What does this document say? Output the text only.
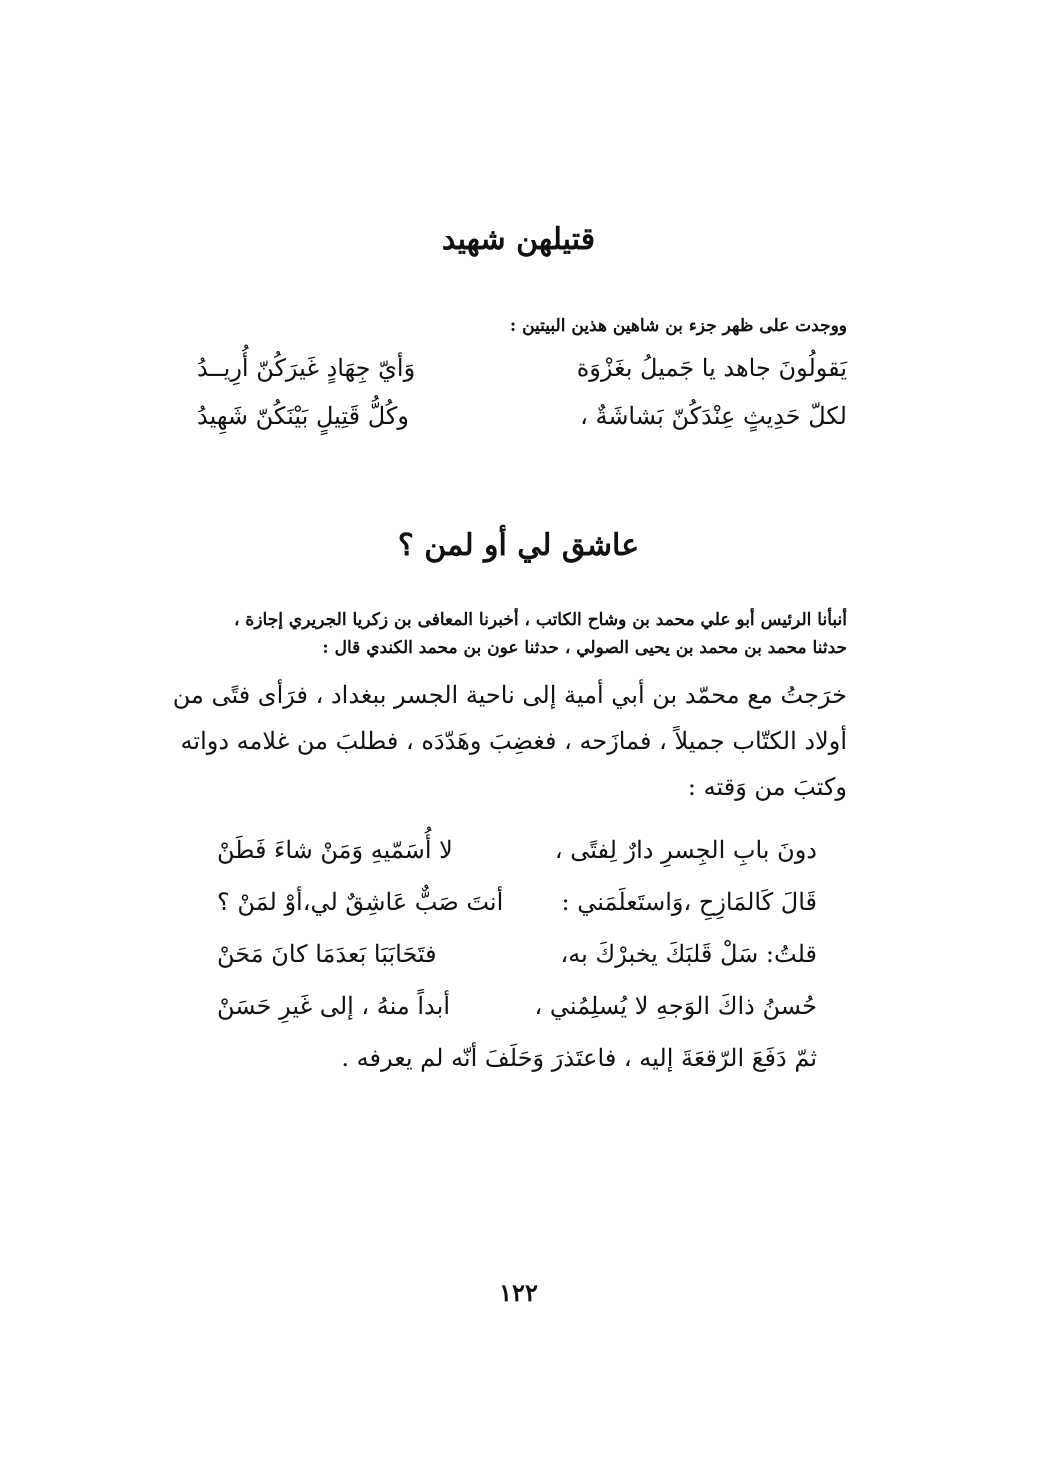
قتيلهن شهيد
ووجدت على ظهر جزء بن شاهين هذين البيتين :
يَقولُونَ جاهد يا جَميلُ بغَزْوَة
وَأيّ جِهَادٍ غَيرَكُنّ أُرِيــدُ
لكلّ حَدِيثٍ عِنْدَكُنّ بَشاشَةٌ ،
وكُلُّ قَتِيلٍ بَيْنَكُنّ شَهِيدُ
عاشق لي أو لمن ؟
أنبأنا الرئيس أبو علي محمد بن وشاح الكاتب ، أخبرنا المعافى بن زكريا الجريري إجازة ،
حدثنا محمد بن محمد بن يحيى الصولي ، حدثنا عون بن محمد الكندي قال :
خرَجتُ مع محمّد بن أبي أمية إلى ناحية الجسر ببغداد ، فرَأى فتًى من
أولاد الكتّاب جميلاً ، فمازَحه ، فغضِبَ وهَدّدَه ، فطلبَ من غلامه دواته
وكتبَ من وَقته :
دونَ بابِ الجِسرِ دارٌ لِفتًى ،
لا أُسَمّيهِ وَمَنْ شاءَ فَطَنْ
قَالَ كَالمَازِحِ ،وَاستَعلَمَني :
أنتَ صَبٌّ عَاشِقٌ لي،أوْ لمَنْ ؟
قلتُ: سَلْ قَلبَكَ يخبرْكَ به،
فتَحَابَبَا بَعدَمَا كانَ مَحَنْ
حُسنُ ذاكَ الوَجهِ لا يُسلِمُني ،
أبداً منهُ ، إلى غَيرِ حَسَنْ
ثمّ دَفَعَ الرّقعَةَ إليه ، فاعتَذرَ وَحَلَفَ أنّه لم يعرفه .
١٢٢
